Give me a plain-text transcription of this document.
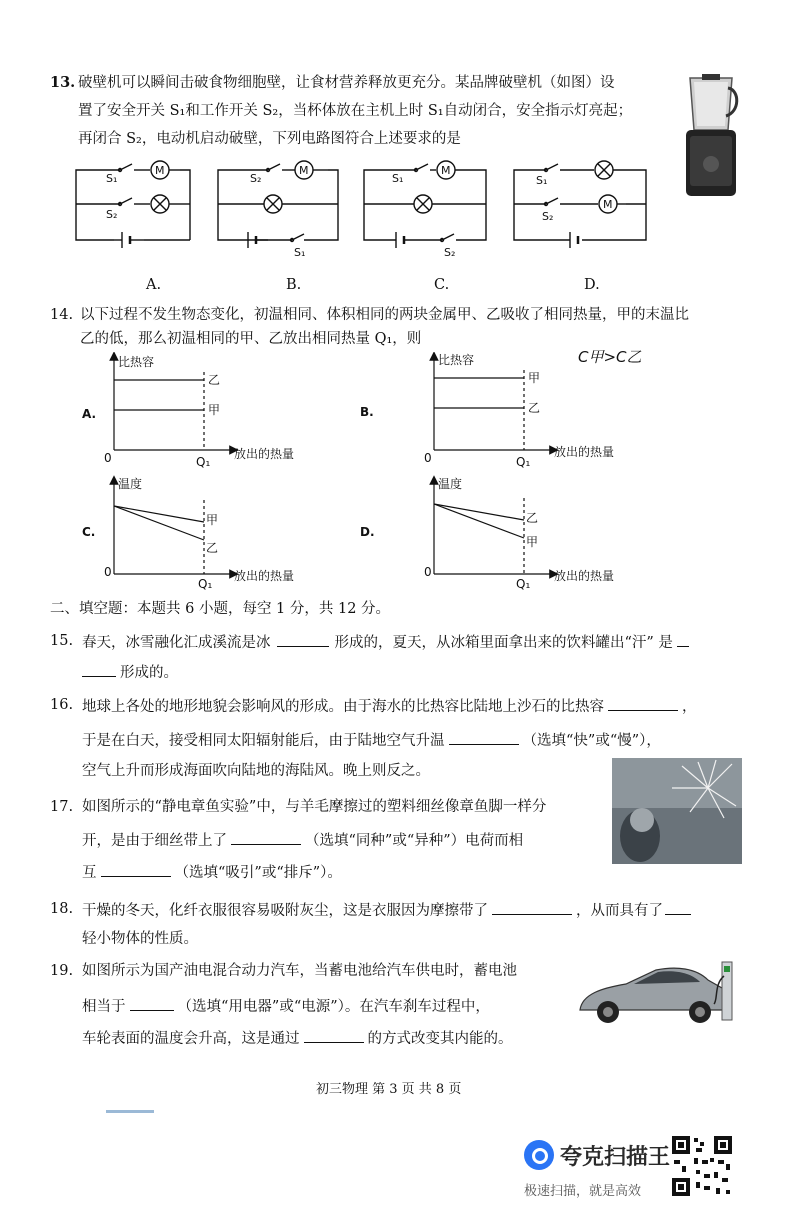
13. 破壁机可以瞬间击破食物细胞壁，让食材营养释放更充分。某品牌破壁机（如图）设
置了安全开关 S₁和工作开关 S₂，当杯体放在主机上时 S₁自动闭合，安全指示灯亮起；
再闭合 S₂，电动机启动破壁，下列电路图符合上述要求的是
M
S₁
S₂
M
S₂
S₁
M
S₁
S₂
M
S₁
S₂
A.	B.	C.	D.
14. 以下过程不发生物态变化，初温相同、体积相同的两块金属甲、乙吸收了相同热量，甲的末温比
乙的低，那么初温相同的甲、乙放出相同热量 Q₁，则
C甲>C乙
比热容
乙
甲
0	Q₁
放出的热量
A.
比热容
甲
乙
0	Q₁
放出的热量
B.
温度
甲
乙
0
Q₁
放出的热量
C.
温度
乙
甲
0
Q₁
放出的热量
D.
二、填空题：本题共 6 小题，每空 1 分，共 12 分。
15. 春天，冰雪融化汇成溪流是冰	形成的，夏天，从冰箱里面拿出来的饮料罐出“汗” 是
形成的。
16. 地球上各处的地形地貌会影响风的形成。由于海水的比热容比陆地上沙石的比热容	，
于是在白天，接受相同太阳辐射能后，由于陆地空气升温	（选填“快”或“慢”），
空气上升而形成海面吹向陆地的海陆风。晚上则反之。
17. 如图所示的“静电章鱼实验”中，与羊毛摩擦过的塑料细丝像章鱼脚一样分
开，是由于细丝带上了	（选填“同种”或“异种”）电荷而相
互	（选填“吸引”或“排斥”）。
18. 干燥的冬天，化纤衣服很容易吸附灰尘，这是衣服因为摩擦带了	，从而具有了
轻小物体的性质。
19. 如图所示为国产油电混合动力汽车，当蓄电池给汽车供电时，蓄电池
相当于	（选填“用电器”或“电源”）。在汽车刹车过程中，
车轮表面的温度会升高，这是通过	的方式改变其内能的。
初三物理 第 3 页 共 8 页
夸克扫描王
极速扫描，就是高效
